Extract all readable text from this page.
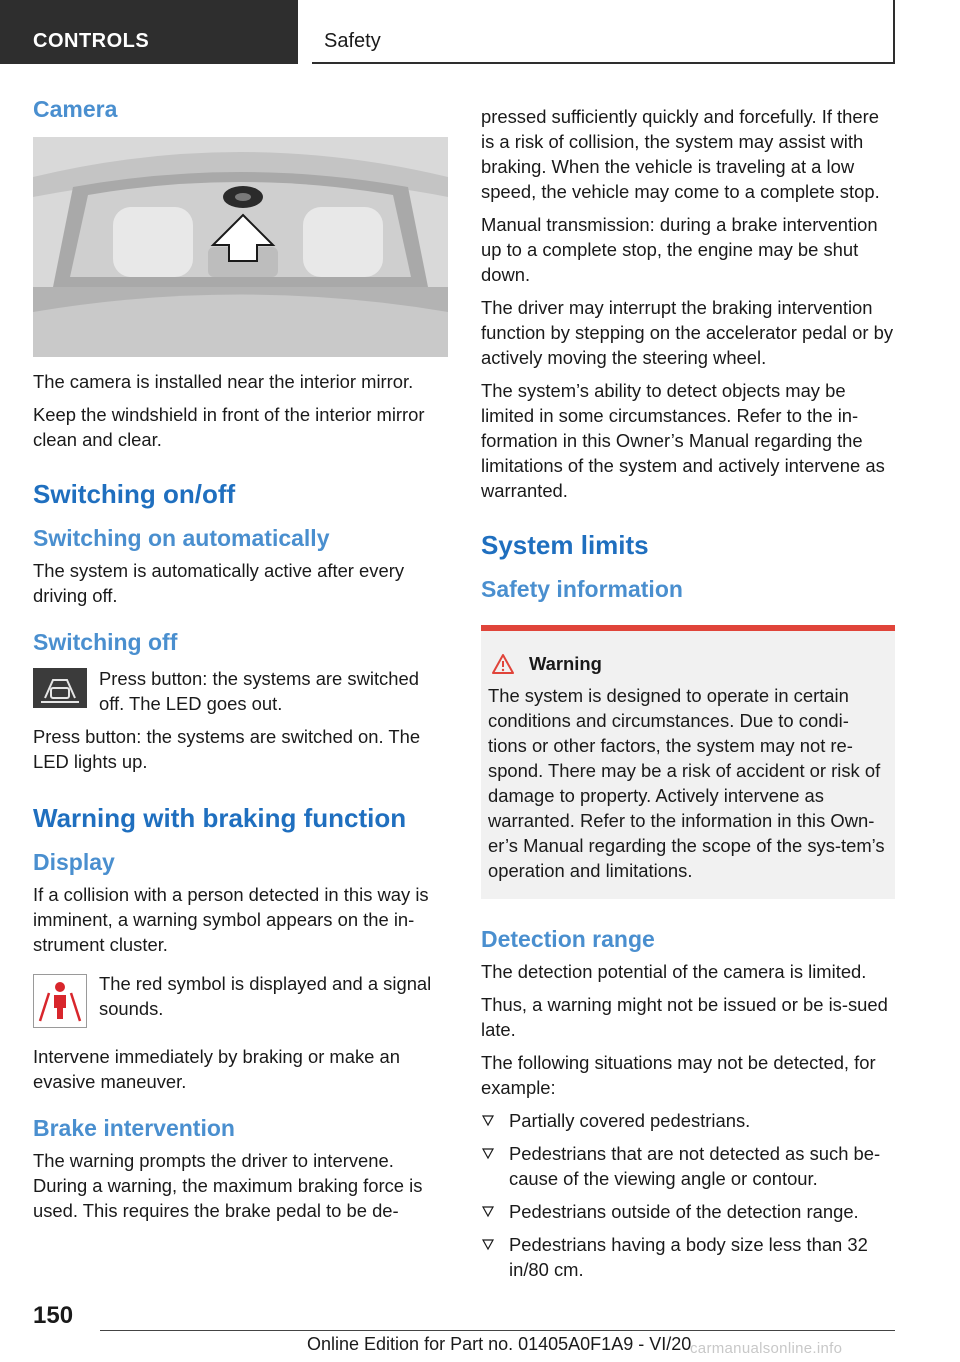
CONTROLS	Safety
Camera

The camera is installed near the interior mirror.

Keep the windshield in front of the interior mirror clean and clear.

Switching on/off
Switching on automatically

The system is automatically active after every driving off.

Switching off

Press button: the systems are switched off. The LED goes out.

Press button: the systems are switched on. The LED lights up.

Warning with braking function
Display

If a collision with a person detected in this way is imminent, a warning symbol appears on the in-strument cluster.

The red symbol is displayed and a signal sounds.

Intervene immediately by braking or make an evasive maneuver.

Brake intervention

The warning prompts the driver to intervene. During a warning, the maximum braking force is used. This requires the brake pedal to be de-

pressed sufficiently quickly and forcefully. If there is a risk of collision, the system may assist with braking. When the vehicle is traveling at a low speed, the vehicle may come to a complete stop.

Manual transmission: during a brake intervention up to a complete stop, the engine may be shut down.

The driver may interrupt the braking intervention function by stepping on the accelerator pedal or by actively moving the steering wheel.

The system’s ability to detect objects may be limited in some circumstances. Refer to the in-formation in this Owner’s Manual regarding the limitations of the system and actively intervene as warranted.

System limits
Safety information
Warning

The system is designed to operate in certain conditions and circumstances. Due to condi-tions or other factors, the system may not re-spond. There may be a risk of accident or risk of damage to property. Actively intervene as warranted. Refer to the information in this Own-er’s Manual regarding the scope of the sys-tem’s operation and limitations.

Detection range

The detection potential of the camera is limited.

Thus, a warning might not be issued or be is-sued late.

The following situations may not be detected, for example:

Partially covered pedestrians.
Pedestrians that are not detected as such be-cause of the viewing angle or contour.
Pedestrians outside of the detection range.
Pedestrians having a body size less than 32 in/80 cm.
150
Online Edition for Part no. 01405A0F1A9 - VI/20
carmanualsonline.info
